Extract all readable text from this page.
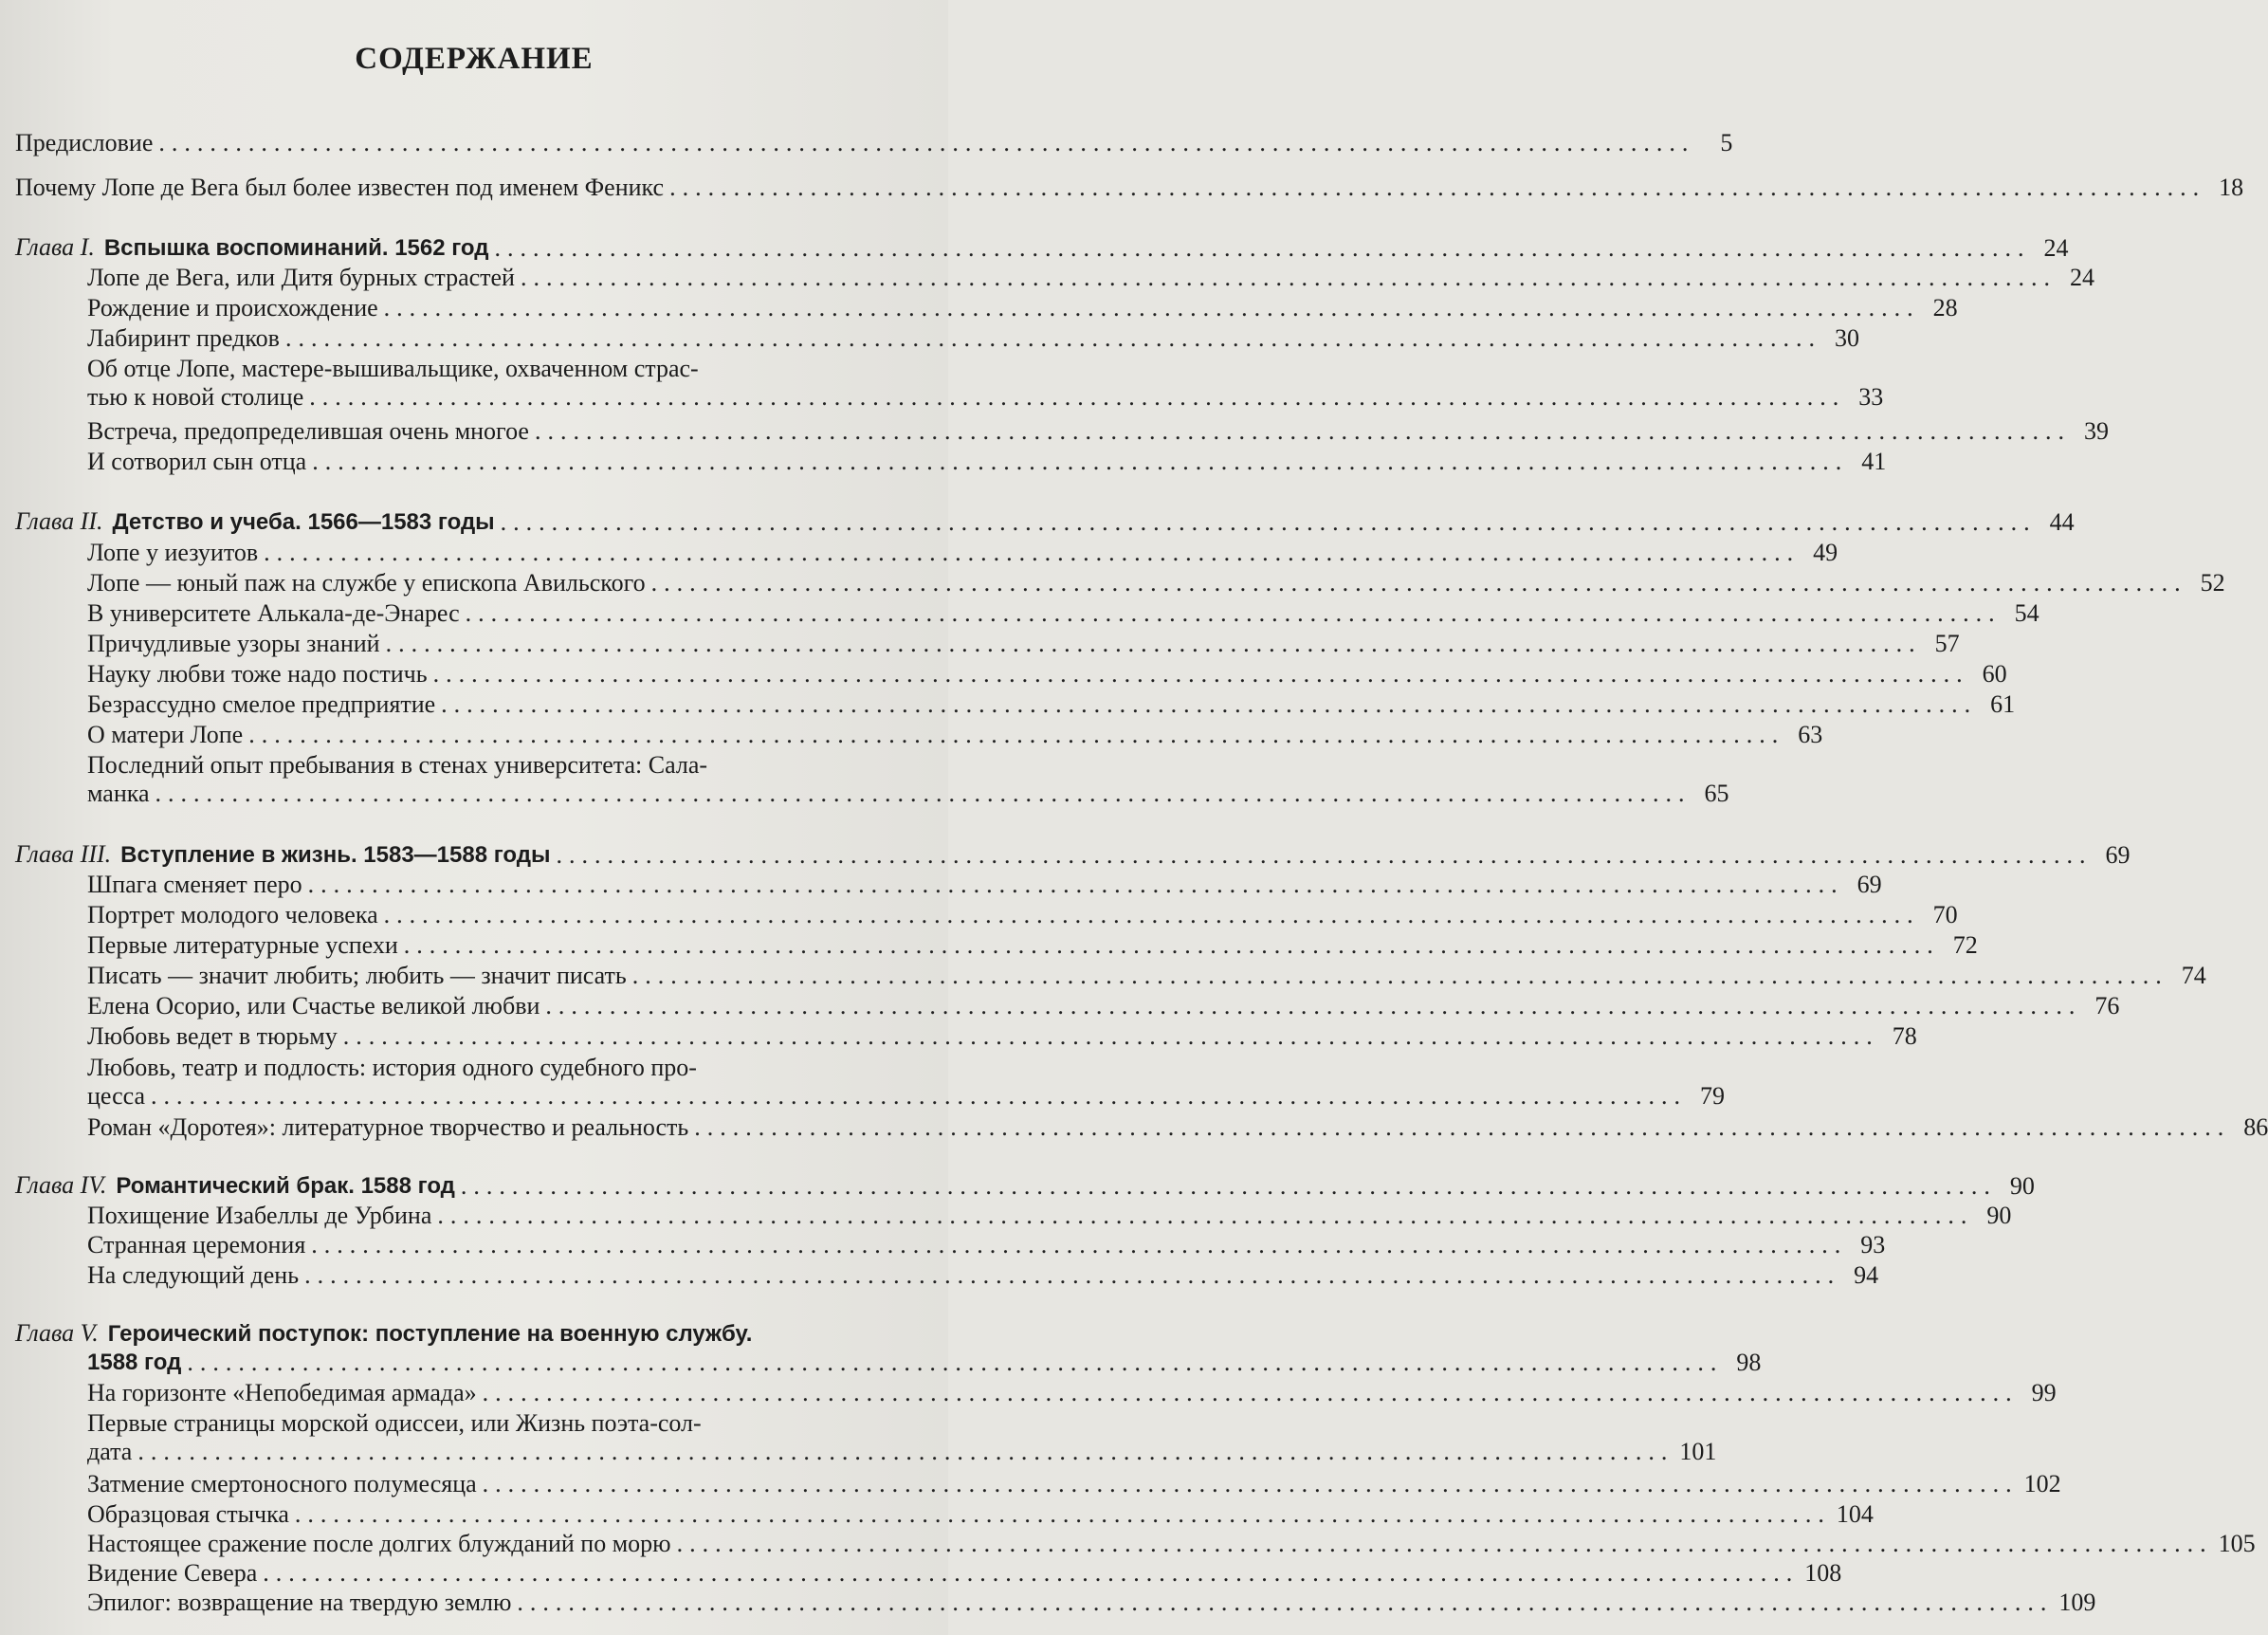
СОДЕРЖАНИЕ
Предисловие ........................................................................................................................	5
Почему Лопе де Вега был более известен под именем Феникс ........................................................................................................................ 18
Глава I. Вспышка воспоминаний. 1562 год ........................................................................................................................ 24
Лопе де Вега, или Дитя бурных страстей ........................................................................................................................ 24
Рождение и происхождение ........................................................................................................................ 28
Лабиринт предков ........................................................................................................................ 30
Об отце Лопе, мастере-вышивальщике, охваченном страс-
тью к новой столице ........................................................................................................................ 33
Встреча, предопределившая очень многое ........................................................................................................................ 39
И сотворил сын отца ........................................................................................................................ 41
Глава II. Детство и учеба. 1566—1583 годы ........................................................................................................................ 44
Лопе у иезуитов ........................................................................................................................ 49
Лопе — юный паж на службе у епископа Авильского ........................................................................................................................ 52
В университете Алькала-де-Энарес ........................................................................................................................ 54
Причудливые узоры знаний ........................................................................................................................ 57
Науку любви тоже надо постичь ........................................................................................................................ 60
Безрассудно смелое предприятие ........................................................................................................................ 61
О матери Лопе ........................................................................................................................ 63
Последний опыт пребывания в стенах университета: Сала-
манка ........................................................................................................................ 65
Глава III. Вступление в жизнь. 1583—1588 годы ........................................................................................................................ 69
Шпага сменяет перо ........................................................................................................................ 69
Портрет молодого человека ........................................................................................................................ 70
Первые литературные успехи ........................................................................................................................ 72
Писать — значит любить; любить — значит писать ........................................................................................................................ 74
Елена Осорио, или Счастье великой любви ........................................................................................................................ 76
Любовь ведет в тюрьму ........................................................................................................................ 78
Любовь, театр и подлость: история одного судебного про-
цесса ........................................................................................................................ 79
Роман «Доротея»: литературное творчество и реальность ........................................................................................................................ 86
Глава IV. Романтический брак. 1588 год ........................................................................................................................ 90
Похищение Изабеллы де Урбина ........................................................................................................................ 90
Странная церемония ........................................................................................................................ 93
На следующий день ........................................................................................................................ 94
Глава V. Героический поступок: поступление на военную службу.
1588 год ........................................................................................................................ 98
На горизонте «Непобедимая армада» ........................................................................................................................ 99
Первые страницы морской одиссеи, или Жизнь поэта-сол-
дата ........................................................................................................................ 101
Затмение смертоносного полумесяца ........................................................................................................................ 102
Образцовая стычка ........................................................................................................................ 104
Настоящее сражение после долгих блужданий по морю ........................................................................................................................ 105
Видение Севера ........................................................................................................................ 108
Эпилог: возвращение на твердую землю ........................................................................................................................ 109
